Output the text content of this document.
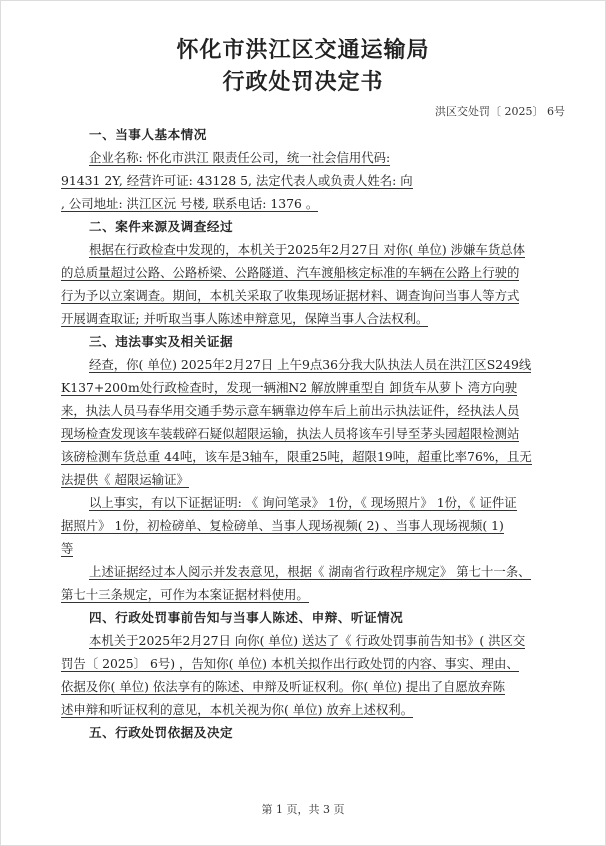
怀化市洪江区交通运输局
行政处罚决定书
洪区交处罚〔 2025〕 6号
一、当事人基本情况
企业名称: 怀化市洪江 限责任公司，统一社会信用代码:
91431 2Y, 经营许可证: 43128 5, 法定代表人或负责人姓名: 向
, 公司地址: 洪江区沅 号楼, 联系电话: 1376 。
二、案件来源及调查经过
根据在行政检查中发现的，本机关于2025年2月27日 对你( 单位) 涉嫌车货总体
的总质量超过公路、公路桥梁、公路隧道、汽车渡船核定标准的车辆在公路上行驶的
行为予以立案调查。期间，本机关采取了收集现场证据材料、调查询问当事人等方式
开展调查取证; 并听取当事人陈述申辩意见，保障当事人合法权利。
三、违法事实及相关证据
经查，你( 单位) 2025年2月27日 上午9点36分我大队执法人员在洪江区S249线
K137+200m处行政检查时，发现一辆湘N2 解放牌重型自 卸货车从萝卜 湾方向驶
来，执法人员马春华用交通手势示意车辆靠边停车后上前出示执法证件，经执法人员
现场检查发现该车装载碎石疑似超限运输，执法人员将该车引导至茅头园超限检测站
该磅检测车货总重 44吨，该车是3轴车，限重25吨，超限19吨，超重比率76%，且无
法提供《 超限运输证》
以上事实，有以下证据证明: 《 询问笔录》 1份，《 现场照片》 1份，《 证件证
据照片》 1份，初检磅单、复检磅单、当事人现场视频( 2) 、当事人现场视频( 1)
等
上述证据经过本人阅示并发表意见，根据《 湖南省行政程序规定》 第七十一条、
第七十三条规定，可作为本案证据材料使用。
四、行政处罚事前告知与当事人陈述、申辩、听证情况
本机关于2025年2月27日 向你( 单位) 送达了《 行政处罚事前告知书》( 洪区交
罚告〔 2025〕 6号) ，告知你( 单位) 本机关拟作出行政处罚的内容、事实、理由、
依据及你( 单位) 依法享有的陈述、申辩及听证权利。你( 单位) 提出了自愿放弃陈
述申辩和听证权利的意见，本机关视为你( 单位) 放弃上述权利。
五、行政处罚依据及决定
第 1 页，共 3 页
